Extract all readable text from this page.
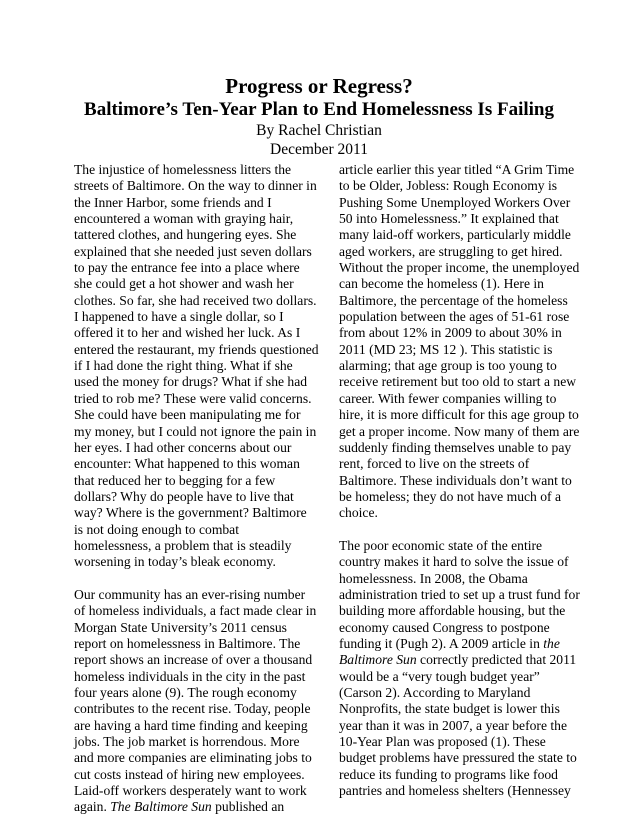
Progress or Regress?
Baltimore’s Ten-Year Plan to End Homelessness Is Failing
By Rachel Christian
December 2011
The injustice of homelessness litters the
streets of Baltimore. On the way to dinner in
the Inner Harbor, some friends and I
encountered a woman with graying hair,
tattered clothes, and hungering eyes. She
explained that she needed just seven dollars
to pay the entrance fee into a place where
she could get a hot shower and wash her
clothes. So far, she had received two dollars.
I happened to have a single dollar, so I
offered it to her and wished her luck. As I
entered the restaurant, my friends questioned
if I had done the right thing. What if she
used the money for drugs? What if she had
tried to rob me? These were valid concerns.
She could have been manipulating me for
my money, but I could not ignore the pain in
her eyes. I had other concerns about our
encounter: What happened to this woman
that reduced her to begging for a few
dollars? Why do people have to live that
way? Where is the government? Baltimore
is not doing enough to combat
homelessness, a problem that is steadily
worsening in today’s bleak economy.
Our community has an ever-rising number
of homeless individuals, a fact made clear in
Morgan State University’s 2011 census
report on homelessness in Baltimore. The
report shows an increase of over a thousand
homeless individuals in the city in the past
four years alone (9). The rough economy
contributes to the recent rise. Today, people
are having a hard time finding and keeping
jobs. The job market is horrendous. More
and more companies are eliminating jobs to
cut costs instead of hiring new employees.
Laid-off workers desperately want to work
again. The Baltimore Sun published an
article earlier this year titled “A Grim Time
to be Older, Jobless: Rough Economy is
Pushing Some Unemployed Workers Over
50 into Homelessness.” It explained that
many laid-off workers, particularly middle
aged workers, are struggling to get hired.
Without the proper income, the unemployed
can become the homeless (1). Here in
Baltimore, the percentage of the homeless
population between the ages of 51-61 rose
from about 12% in 2009 to about 30% in
2011 (MD 23; MS 12 ). This statistic is
alarming; that age group is too young to
receive retirement but too old to start a new
career. With fewer companies willing to
hire, it is more difficult for this age group to
get a proper income. Now many of them are
suddenly finding themselves unable to pay
rent, forced to live on the streets of
Baltimore. These individuals don’t want to
be homeless; they do not have much of a
choice.
The poor economic state of the entire
country makes it hard to solve the issue of
homelessness. In 2008, the Obama
administration tried to set up a trust fund for
building more affordable housing, but the
economy caused Congress to postpone
funding it (Pugh 2). A 2009 article in the
Baltimore Sun correctly predicted that 2011
would be a “very tough budget year”
(Carson 2). According to Maryland
Nonprofits, the state budget is lower this
year than it was in 2007, a year before the
10-Year Plan was proposed (1). These
budget problems have pressured the state to
reduce its funding to programs like food
pantries and homeless shelters (Hennessey
